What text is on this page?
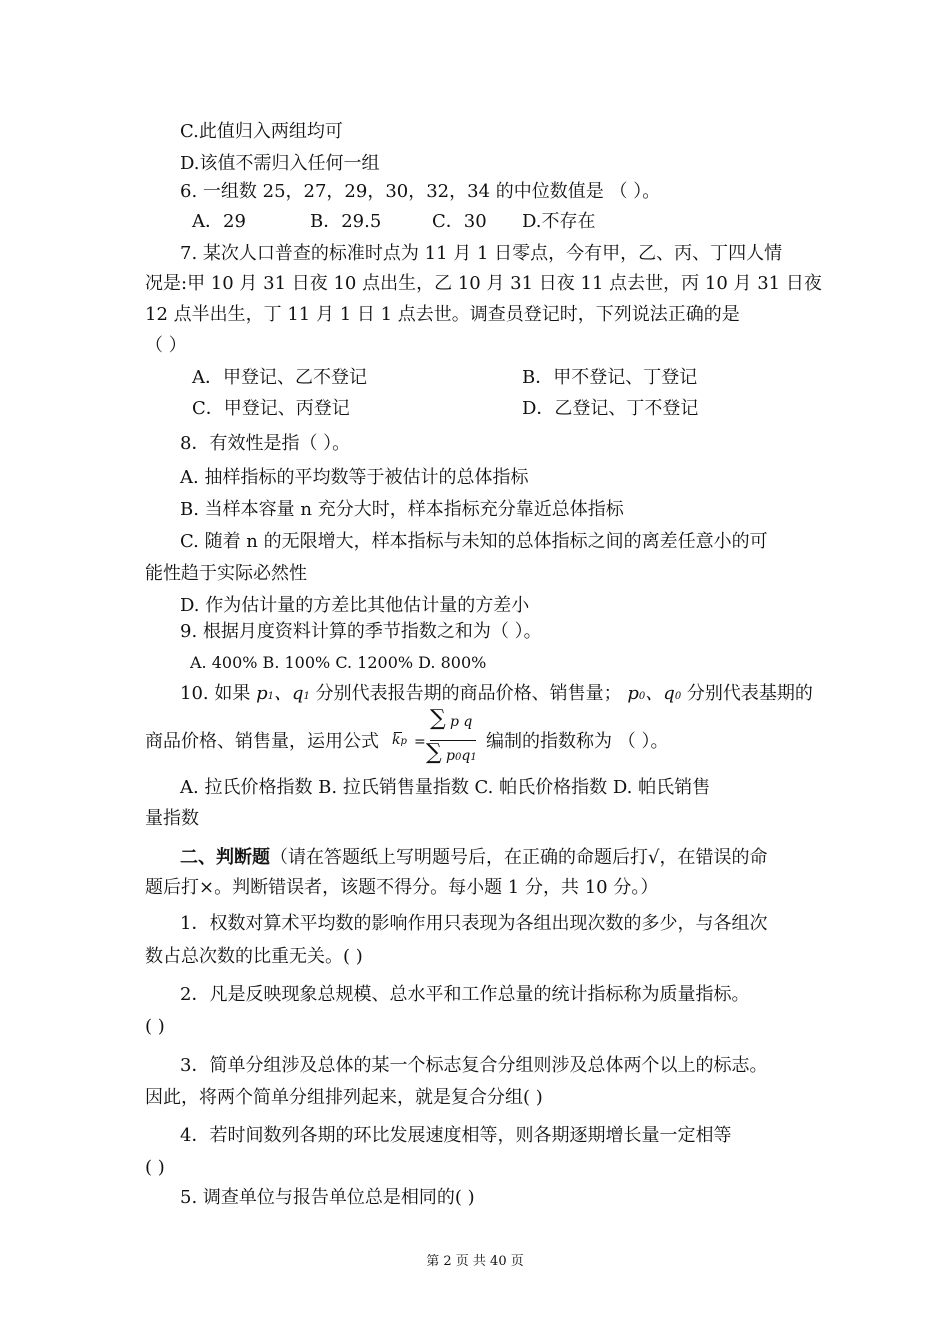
C.此值归入两组均可
D.该值不需归入任何一组
6. 一组数 25，27，29，30，32，34 的中位数值是 （ ）。
A．29	B．29.5	C．30 D.不存在
7. 某次人口普查的标准时点为 11 月 1 日零点，今有甲，乙、丙、丁四人情
况是:甲 10 月 31 日夜 10 点出生，乙 10 月 31 日夜 11 点去世，丙 10 月 31 日夜
12 点半出生，丁 11 月 1 日 1 点去世。调查员登记时，下列说法正确的是
（ ）
A．甲登记、乙不登记	B．甲不登记、丁登记
C．甲登记、丙登记	D．乙登记、丁不登记
8．有效性是指（ ）。
A. 抽样指标的平均数等于被估计的总体指标
B. 当样本容量 n 充分大时，样本指标充分靠近总体指标
C. 随着 n 的无限增大，样本指标与未知的总体指标之间的离差任意小的可
能性趋于实际必然性
D. 作为估计量的方差比其他估计量的方差小
9. 根据月度资料计算的季节指数之和为（ ）。
A. 400% B. 100% C. 1200% D. 800%
10. 如果 p1、q1 分别代表报告期的商品价格、销售量； p0、q0 分别代表基期的
商品价格、销售量，运用公式 kp =
∑ p q
∑ p0q1
编制的指数称为 （ ）。
A. 拉氏价格指数 B. 拉氏销售量指数 C. 帕氏价格指数 D. 帕氏销售
量指数
二、判断题（请在答题纸上写明题号后，在正确的命题后打√，在错误的命
题后打×。判断错误者，该题不得分。每小题 1 分，共 10 分。）
1．权数对算术平均数的影响作用只表现为各组出现次数的多少，与各组次
数占总次数的比重无关。( )
2．凡是反映现象总规模、总水平和工作总量的统计指标称为质量指标。
( )
3．简单分组涉及总体的某一个标志复合分组则涉及总体两个以上的标志。
因此，将两个简单分组排列起来，就是复合分组( )
4．若时间数列各期的环比发展速度相等，则各期逐期增长量一定相等
( )
5. 调查单位与报告单位总是相同的( )
第 2 页 共 40 页
